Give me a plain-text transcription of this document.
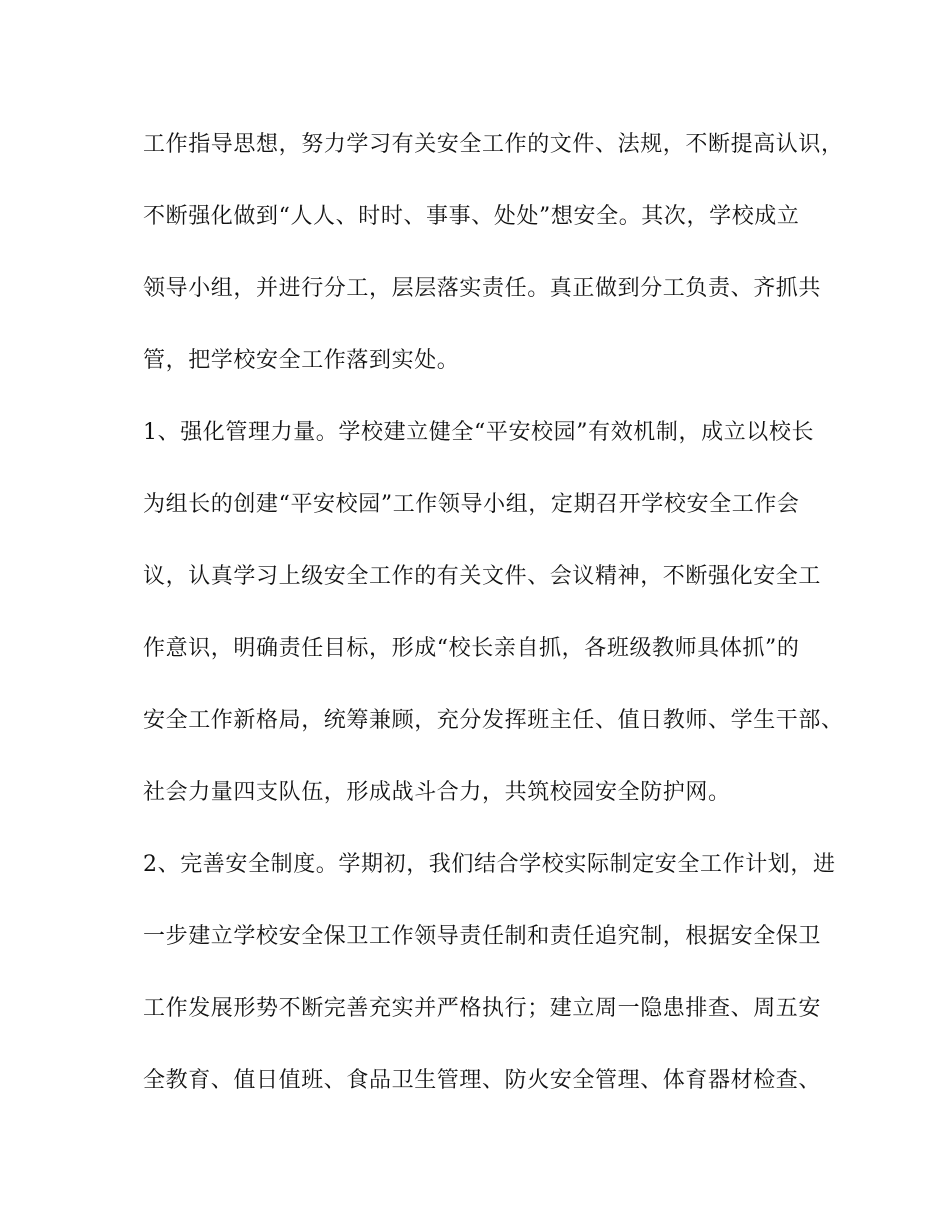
工作指导思想，努力学习有关安全工作的文件、法规，不断提高认识，
不断强化做到“人人、时时、事事、处处”想安全。其次，学校成立
领导小组，并进行分工，层层落实责任。真正做到分工负责、齐抓共
管，把学校安全工作落到实处。
1、强化管理力量。学校建立健全“平安校园”有效机制，成立以校长
为组长的创建“平安校园”工作领导小组，定期召开学校安全工作会
议，认真学习上级安全工作的有关文件、会议精神，不断强化安全工
作意识，明确责任目标，形成“校长亲自抓，各班级教师具体抓”的
安全工作新格局，统筹兼顾，充分发挥班主任、值日教师、学生干部、
社会力量四支队伍，形成战斗合力，共筑校园安全防护网。
2、完善安全制度。学期初，我们结合学校实际制定安全工作计划，进
一步建立学校安全保卫工作领导责任制和责任追究制，根据安全保卫
工作发展形势不断完善充实并严格执行；建立周一隐患排查、周五安
全教育、值日值班、食品卫生管理、防火安全管理、体育器材检查、
